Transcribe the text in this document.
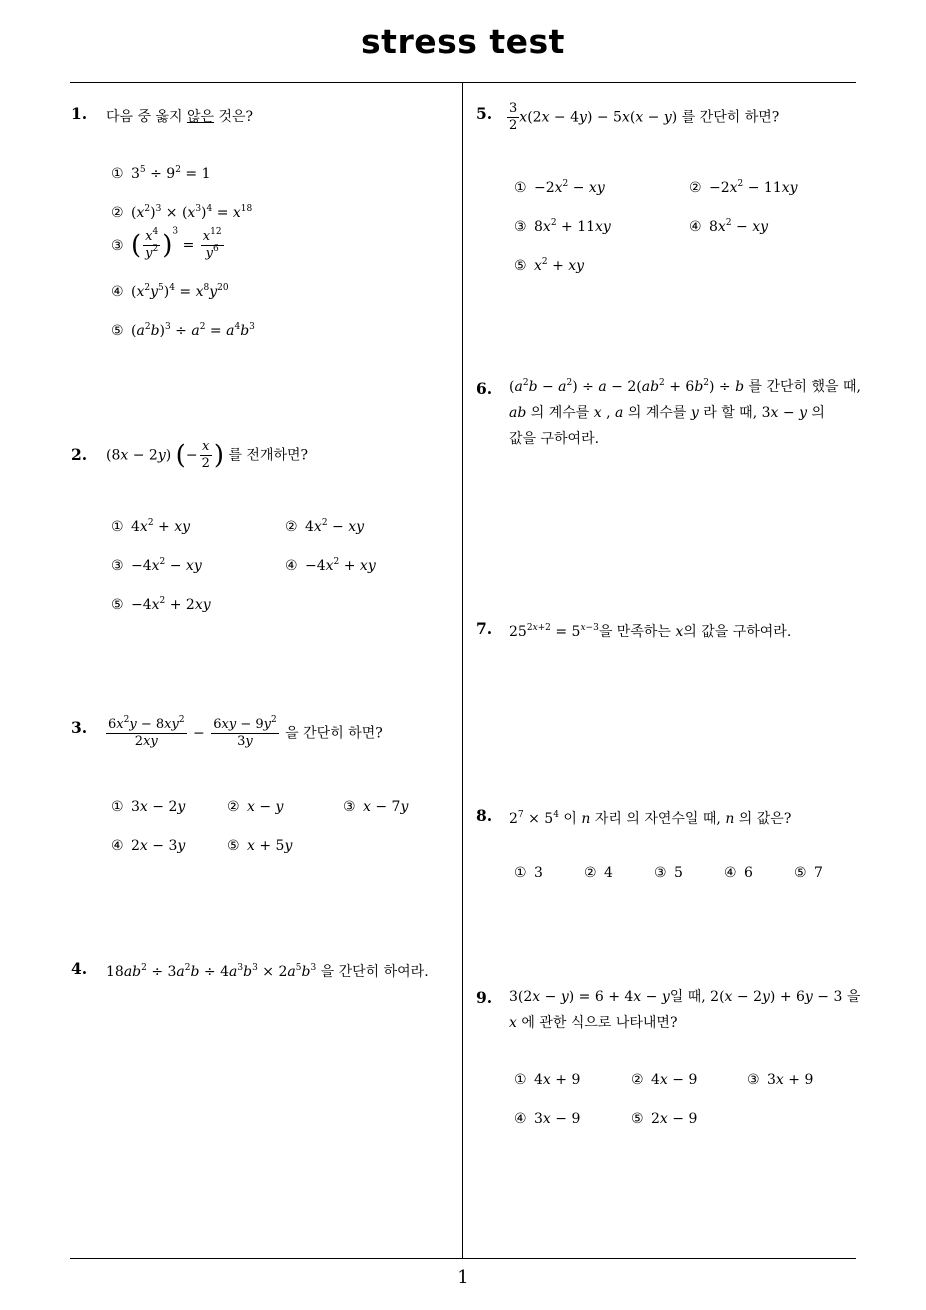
stress test
1
1. 다음 중 옳지 않은 것은?
① $3^5 \div 9^2 = 1$
② $(x^2)^3 \times (x^3)^4 = x^{18}$
③ ( $\frac{x^4}{y^2} )^3 = \frac{x^{12}}{y^6}$
④ $(x^2y^5)^4 = x^8y^{20}$
⑤ $(a^2b)^3 \div a^2 = a^4b^3$
2. (8x − 2y) (− $\frac{x}{2}$ ) 를 전개하면?
① $4x^2$ + xy	② $4x^2$ − xy
③ $-4x^2$ − xy	④ $-4x^2$ + xy
⑤ $-4x^2 + 2xy$
3. $\frac{6x^2y - 8xy^2}{2xy} - \frac{6xy - 9y^2}{3y}$ 을 간단히 하면?
① 3x − 2y	② x − y	③ x − 7y
④ 2x − 3y	⑤ x + 5y
4. $18ab^2 \div 3a^2b \div 4a^3b^3 \times 2a^5b^3$ 을 간단히 하여라.
5. $\frac{3}{2} x(2x - 4y) - 5x(x - y)$ 를 간단히 하면?
① $-2x^2$ − xy	② $-2x^2 - 11xy$
③ $8x^2 + 11xy$	④ $8x^2$ − xy
⑤ $x^2$ + xy
6. $(a^2b - a^2) \div a - 2(ab^2 + 6b^2) \div b$ 를 간단히 했을 때,
ab 의 계수를 x , a 의 계수를 y 라 할 때, 3x − y 의
값을 구하여라.
7. $25^{2x+2} = 5^{x-3}$을 만족하는 x의 값을 구하여라.
8. $2^7 \times 5^4$ 이 n 자리 의 자연수일 때, n 의 값은?
① 3	② 4	③ 5	④ 6	⑤ 7
9. 3(2x − y) = 6 + 4x − y일 때, 2(x − 2y) + 6y − 3 을
x 에 관한 식으로 나타내면?
① 4x + 9	② 4x − 9	③ 3x + 9
④ 3x − 9	⑤ 2x − 9
